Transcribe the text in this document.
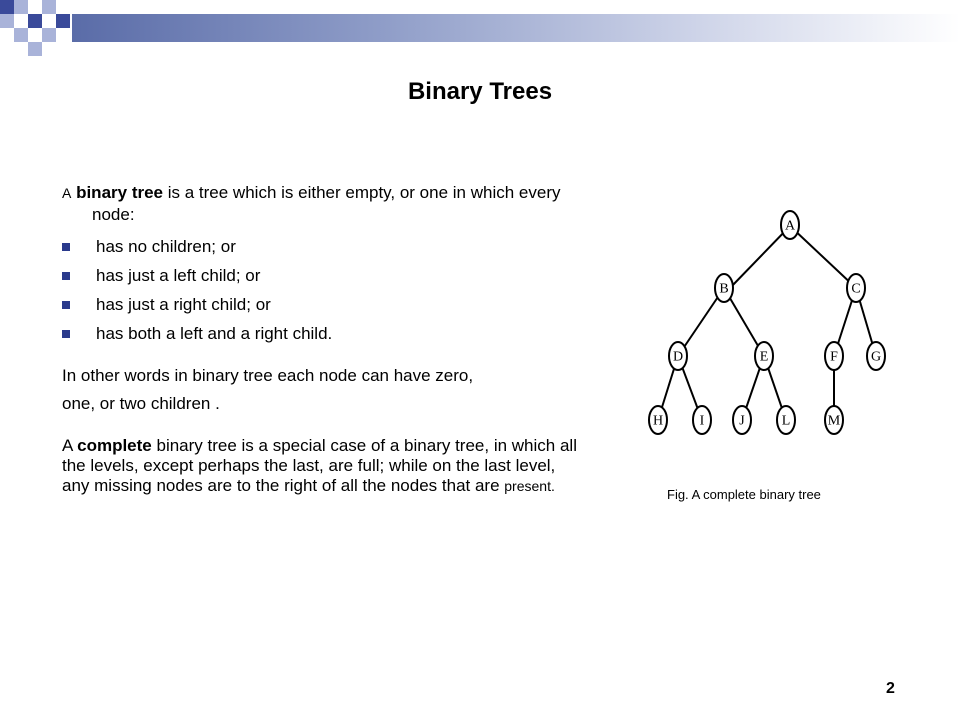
Binary Trees

A binary tree is a tree which is either empty, or one in which every node:

has no children; or
has just a left child; or
has just a right child; or
has both a left and a right child.

In other words in binary tree each node can have zero,
one, or two children .

A complete binary tree is a special case of a binary tree, in which all the levels, except perhaps the last, are full; while on the last level, any missing nodes are to the right of all the nodes that are present.

A
B	C
D	E	F G
H	I J	L	M
Fig. A complete binary tree
2
